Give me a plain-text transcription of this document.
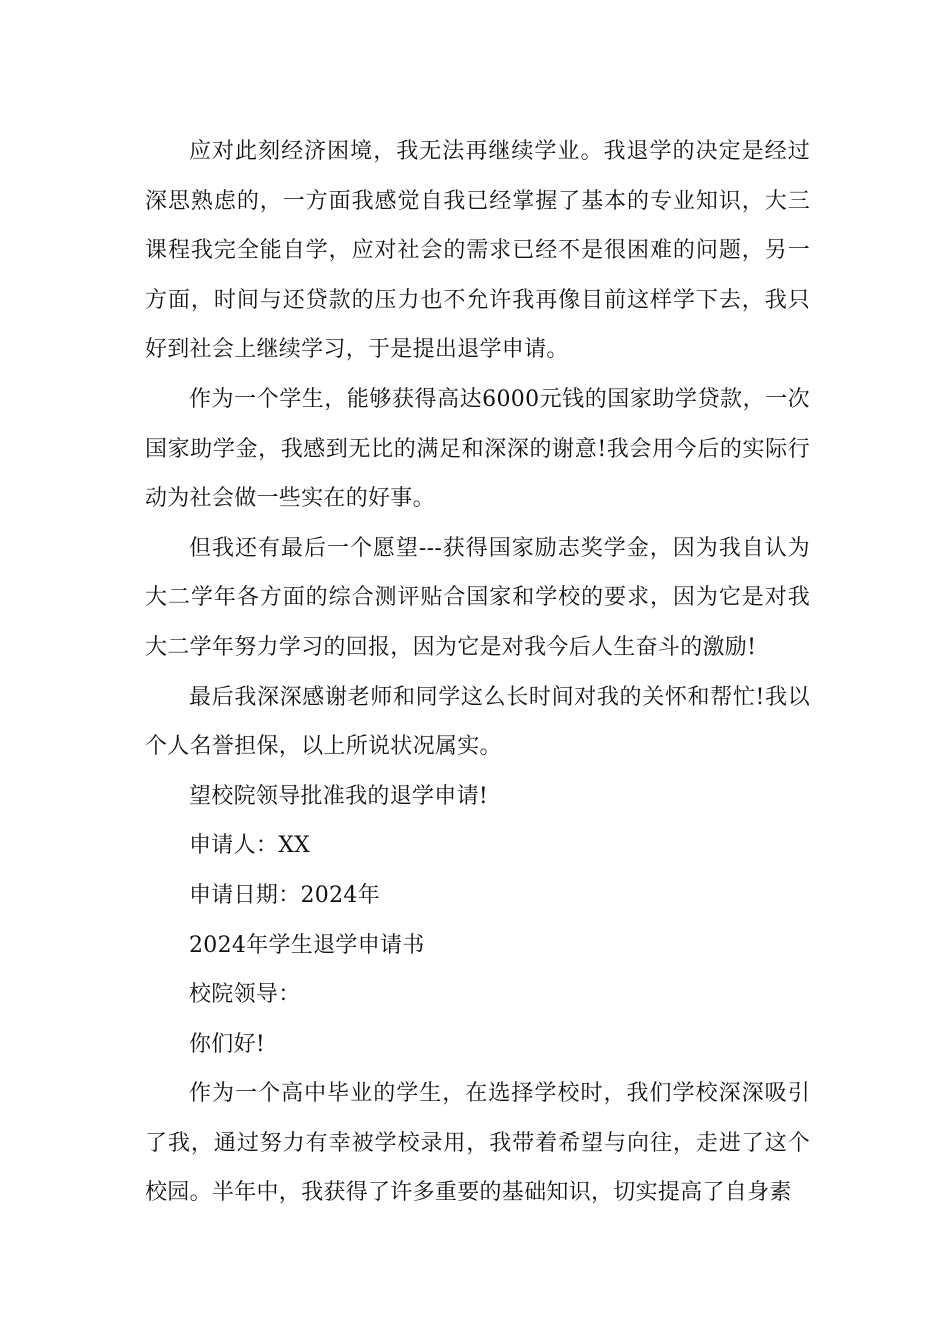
应对此刻经济困境，我无法再继续学业。我退学的决定是经过深思熟虑的，一方面我感觉自我已经掌握了基本的专业知识，大三课程我完全能自学，应对社会的需求已经不是很困难的问题，另一方面，时间与还贷款的压力也不允许我再像目前这样学下去，我只好到社会上继续学习，于是提出退学申请。

作为一个学生，能够获得高达6000元钱的国家助学贷款，一次国家助学金，我感到无比的满足和深深的谢意!我会用今后的实际行动为社会做一些实在的好事。

但我还有最后一个愿望---获得国家励志奖学金，因为我自认为大二学年各方面的综合测评贴合国家和学校的要求，因为它是对我大二学年努力学习的回报，因为它是对我今后人生奋斗的激励!

最后我深深感谢老师和同学这么长时间对我的关怀和帮忙!我以个人名誉担保，以上所说状况属实。

望校院领导批准我的退学申请!

申请人：XX

申请日期：2024年

2024年学生退学申请书

校院领导：

你们好!

作为一个高中毕业的学生，在选择学校时，我们学校深深吸引了我，通过努力有幸被学校录用，我带着希望与向往，走进了这个校园。半年中，我获得了许多重要的基础知识，切实提高了自身素
